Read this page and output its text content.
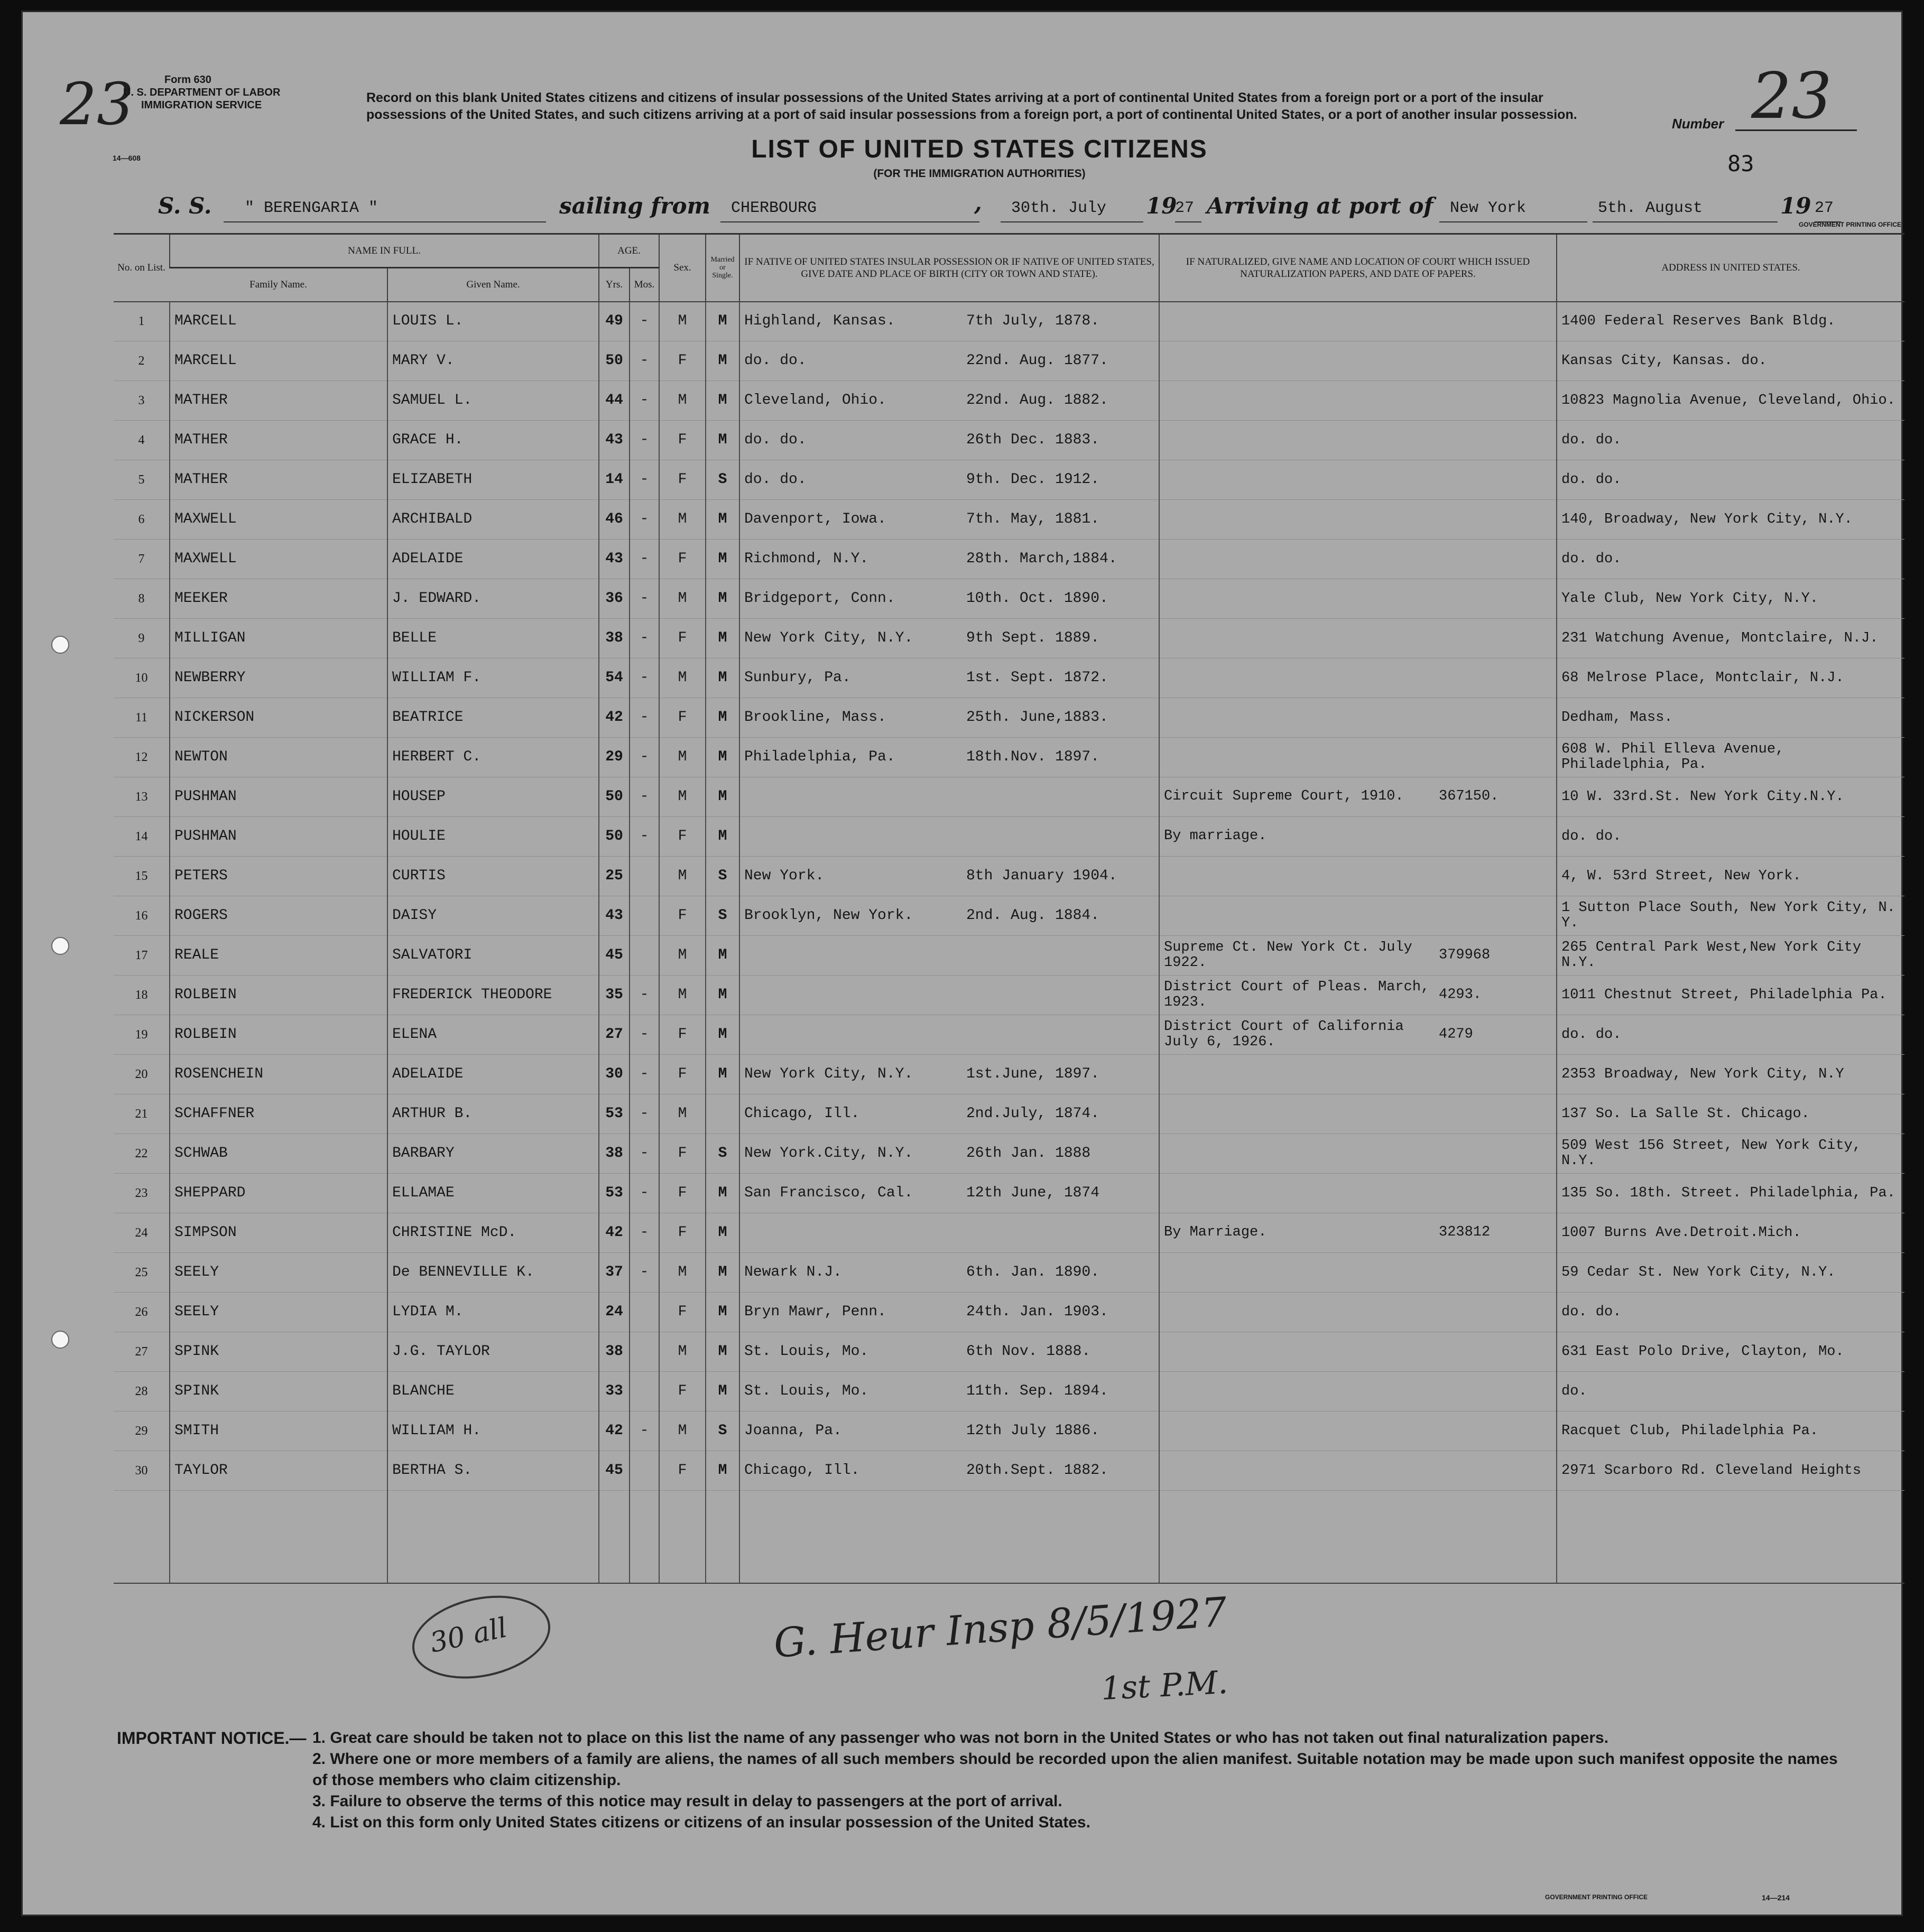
23	Form 630
U. S. DEPARTMENT OF LABOR
IMMIGRATION SERVICE
14—608
Record on this blank United States citizens and citizens of insular possessions of the United States arriving at a port of continental United States from a foreign port or a port of the insular possessions of the United States, and such citizens arriving at a port of said insular possessions from a foreign port, a port of continental United States, or a port of another insular possession.
LIST OF UNITED STATES CITIZENS
(FOR THE IMMIGRATION AUTHORITIES)
Number 23
83
S. S. " BERENGARIA "	sailing from CHERBOURG	, 30th. July 19
27 Arriving at port of New York	5th. August	19 27
GOVERNMENT PRINTING OFFICE
No. on List.	NAME IN FULL.		AGE.		Sex.	Married or Single.	IF NATIVE OF UNITED STATES INSULAR POSSESSION OR IF NATIVE OF UNITED STATES, GIVE DATE AND PLACE OF BIRTH (CITY OR TOWN AND STATE).	IF NATURALIZED, GIVE NAME AND LOCATION OF COURT WHICH ISSUED NATURALIZATION PAPERS, AND DATE OF PAPERS.	ADDRESS IN UNITED STATES.
	Family Name.	Given Name.	Yrs.	Mos.					
1	MARCELL	LOUIS L.	49	-	M	M	Highland, Kansas. 7th July, 1878.		1400 Federal Reserves Bank Bldg.
2	MARCELL	MARY V.	50	-	F	M	do. do. 22nd. Aug. 1877.		Kansas City, Kansas. do.
3	MATHER	SAMUEL L.	44	-	M	M	Cleveland, Ohio. 22nd. Aug. 1882.		10823 Magnolia Avenue, Cleveland, Ohio.
4	MATHER	GRACE H.	43	-	F	M	do. do. 26th Dec. 1883.		do. do.
5	MATHER	ELIZABETH	14	-	F	S	do. do. 9th. Dec. 1912.		do. do.
6	MAXWELL	ARCHIBALD	46	-	M	M	Davenport, Iowa. 7th. May, 1881.		140, Broadway, New York City, N.Y.
7	MAXWELL	ADELAIDE	43	-	F	M	Richmond, N.Y. 28th. March,1884.		do. do.
8	MEEKER	J. EDWARD.	36	-	M	M	Bridgeport, Conn. 10th. Oct. 1890.		Yale Club, New York City, N.Y.
9	MILLIGAN	BELLE	38	-	F	M	New York City, N.Y. 9th Sept. 1889.		231 Watchung Avenue, Montclaire, N.J.
10	NEWBERRY	WILLIAM F.	54	-	M	M	Sunbury, Pa. 1st. Sept. 1872.		68 Melrose Place, Montclair, N.J.
11	NICKERSON	BEATRICE	42	-	F	M	Brookline, Mass. 25th. June,1883.		Dedham, Mass.
12	NEWTON	HERBERT C.	29	-	M	M	Philadelphia, Pa. 18th.Nov. 1897.		608 W. Phil Elleva Avenue, Philadelphia, Pa.
13	PUSHMAN	HOUSEP	50	-	M	M		Circuit Supreme Court, 1910. 367150.	10 W. 33rd.St. New York City.N.Y.
14	PUSHMAN	HOULIE	50	-	F	M		By marriage.	do. do.
15	PETERS	CURTIS	25		M	S	New York. 8th January 1904.		4, W. 53rd Street, New York.
16	ROGERS	DAISY	43		F	S	Brooklyn, New York. 2nd. Aug. 1884.		1 Sutton Place South, New York City, N. Y.
17	REALE	SALVATORI	45		M	M		Supreme Ct. New York Ct. July 1922. 379968	265 Central Park West,New York City N.Y.
18	ROLBEIN	FREDERICK THEODORE	35	-	M	M		District Court of Pleas. March, 1923. 4293.	1011 Chestnut Street, Philadelphia Pa.
19	ROLBEIN	ELENA	27	-	F	M		District Court of California July 6, 1926. 4279	do. do.
20	ROSENCHEIN	ADELAIDE	30	-	F	M	New York City, N.Y. 1st.June, 1897.		2353 Broadway, New York City, N.Y
21	SCHAFFNER	ARTHUR B.	53	-	M		Chicago, Ill. 2nd.July, 1874.		137 So. La Salle St. Chicago.
22	SCHWAB	BARBARY	38	-	F	S	New York.City, N.Y. 26th Jan. 1888		509 West 156 Street, New York City, N.Y.
23	SHEPPARD	ELLAMAE	53	-	F	M	San Francisco, Cal. 12th June, 1874		135 So. 18th. Street. Philadelphia, Pa.
24	SIMPSON	CHRISTINE McD.	42	-	F	M		By Marriage. 323812	1007 Burns Ave.Detroit.Mich.
25	SEELY	De BENNEVILLE K.	37	-	M	M	Newark N.J. 6th. Jan. 1890.		59 Cedar St. New York City, N.Y.
26	SEELY	LYDIA M.	24		F	M	Bryn Mawr, Penn. 24th. Jan. 1903.		do. do.
27	SPINK	J.G. TAYLOR	38		M	M	St. Louis, Mo. 6th Nov. 1888.		631 East Polo Drive, Clayton, Mo.
28	SPINK	BLANCHE	33		F	M	St. Louis, Mo. 11th. Sep. 1894.		do.
29	SMITH	WILLIAM H.	42	-	M	S	Joanna, Pa. 12th July 1886.		Racquet Club, Philadelphia Pa.
30	TAYLOR	BERTHA S.	45		F	M	Chicago, Ill. 20th.Sept. 1882.		2971 Scarboro Rd. Cleveland Heights

30 all	G. Heur Insp 8/5/1927
1st P.M.
IMPORTANT NOTICE.— 1. Great care should be taken not to place on this list the name of any passenger who was not born in the United States or who has not taken out final naturalization papers.
2. Where one or more members of a family are aliens, the names of all such members should be recorded upon the alien manifest. Suitable notation may be made upon such manifest opposite the names of those members who claim citizenship.
3. Failure to observe the terms of this notice may result in delay to passengers at the port of arrival.
4. List on this form only United States citizens or citizens of an insular possession of the United States.
GOVERNMENT PRINTING OFFICE	14—214
